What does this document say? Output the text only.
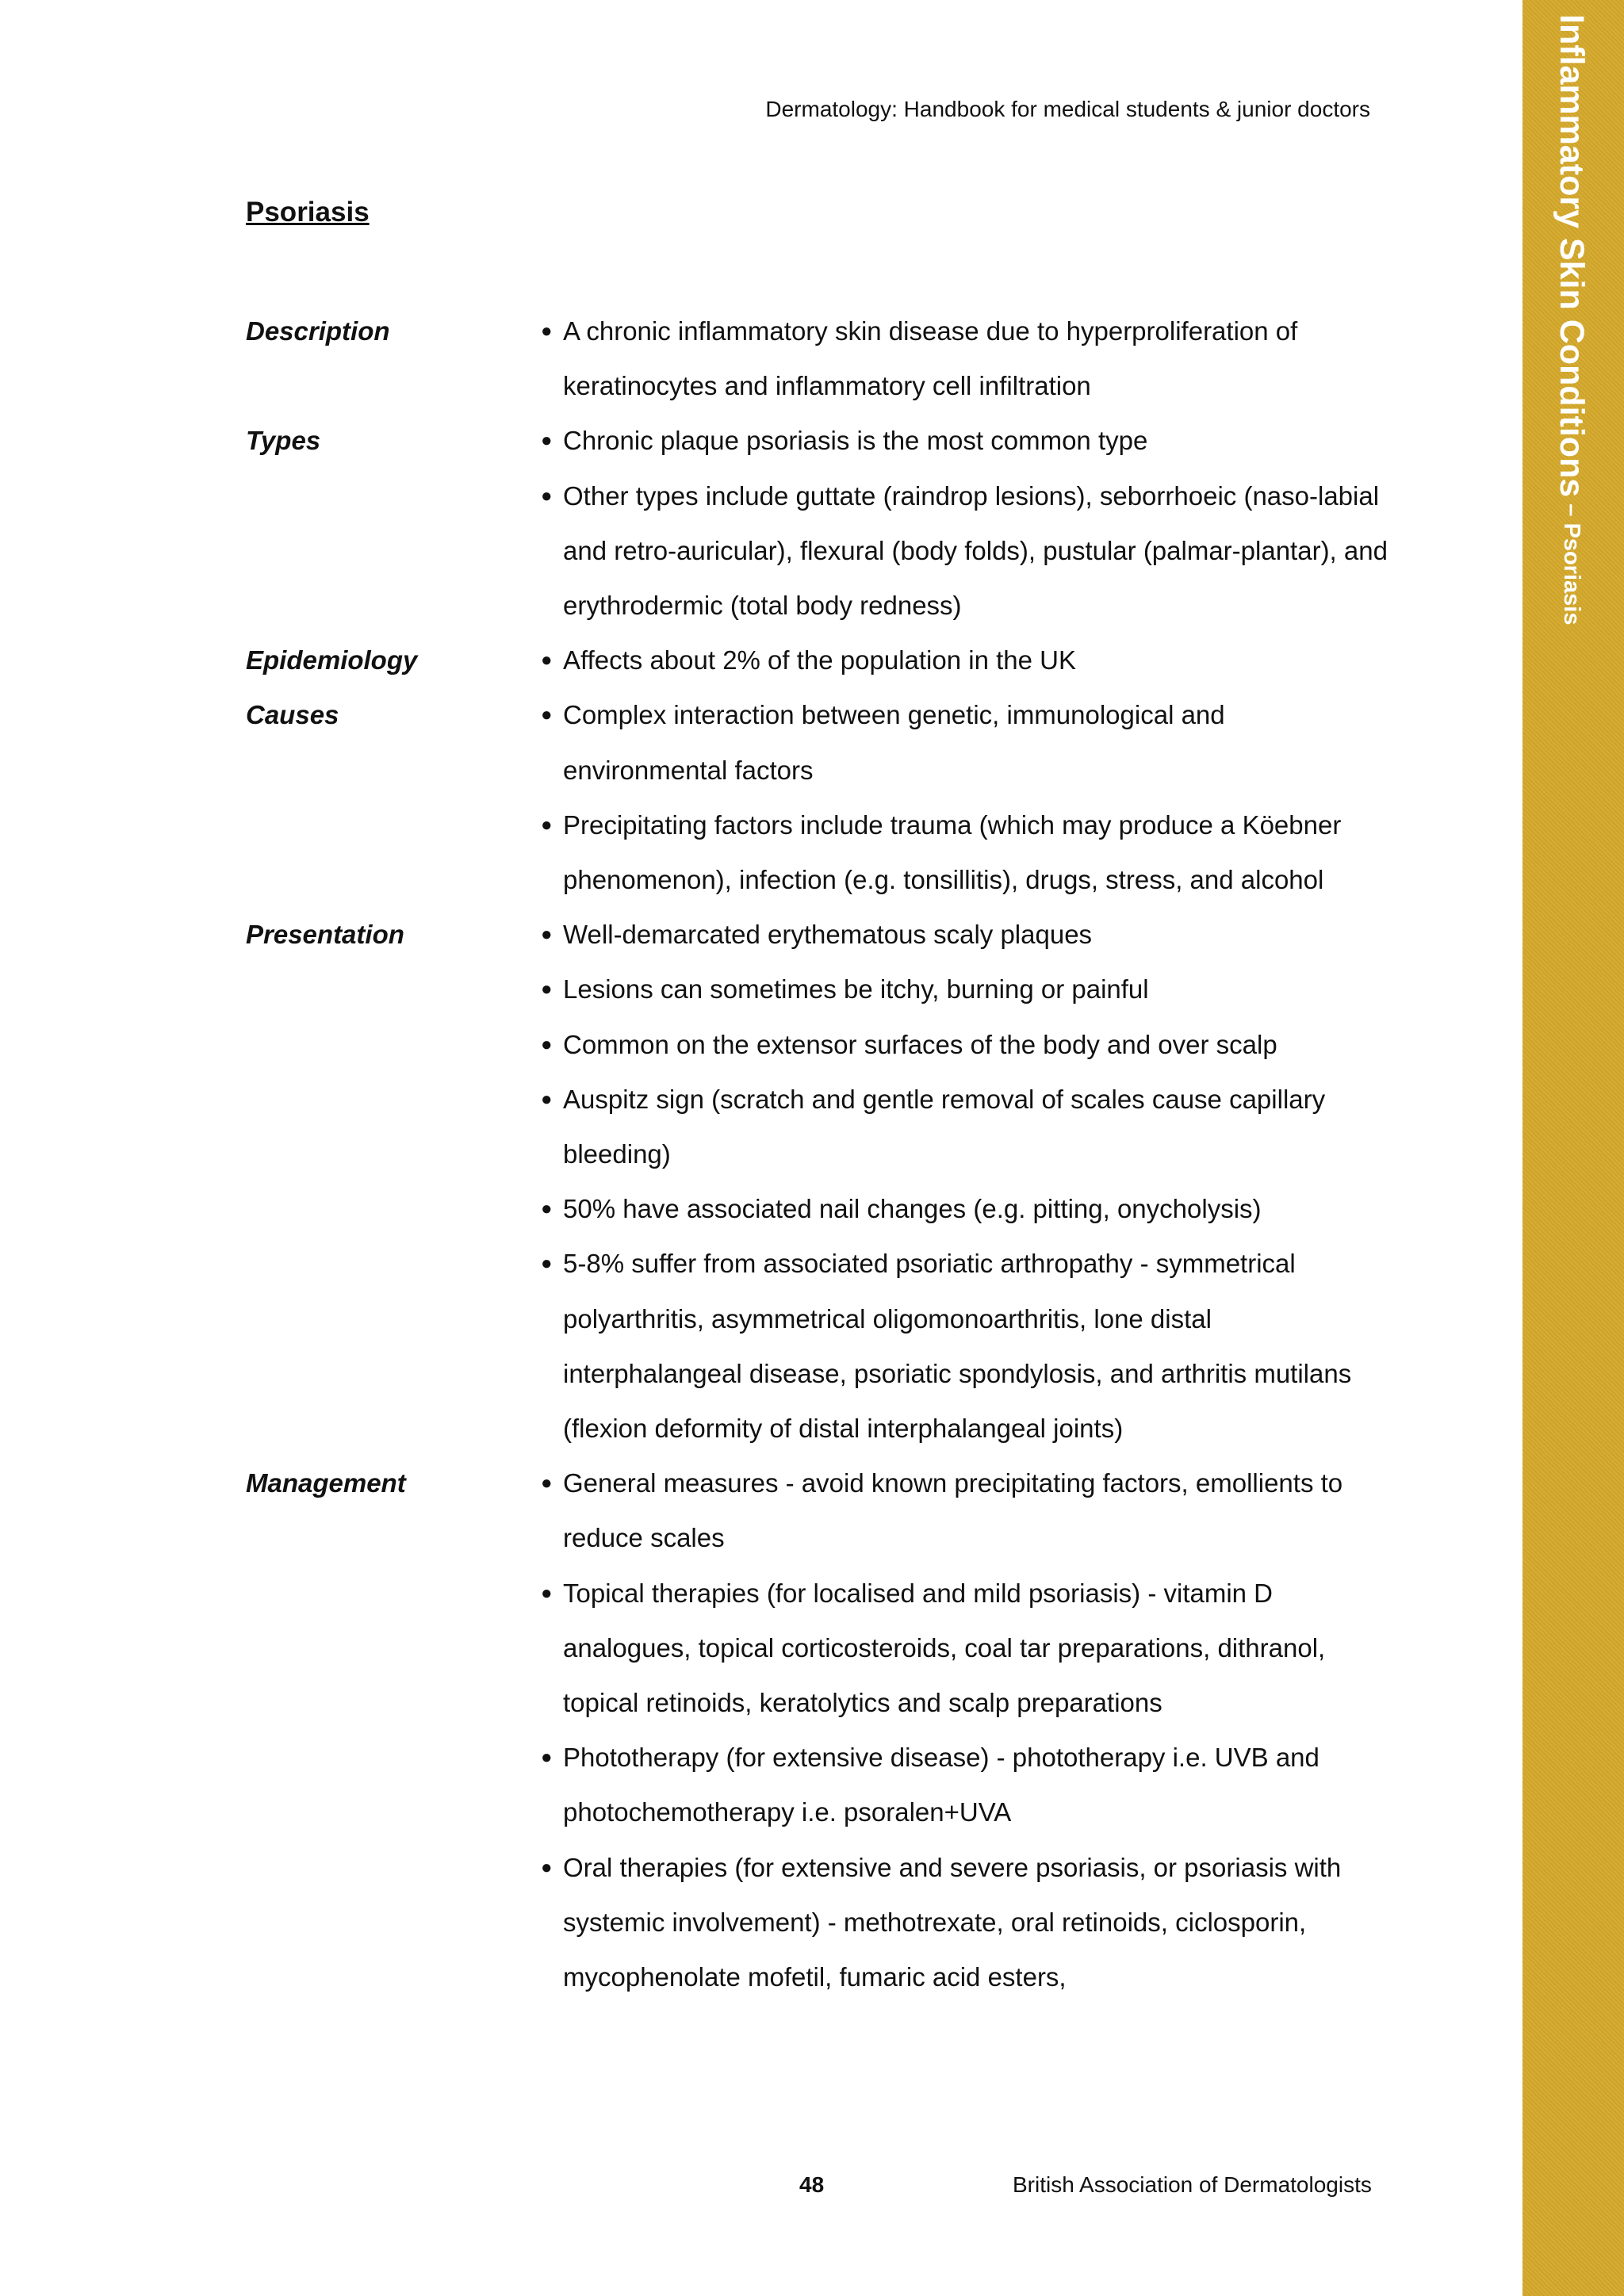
Dermatology: Handbook for medical students & junior doctors	Inflammatory Skin Conditions – Psoriasis
Psoriasis
Description	● A chronic inflammatory skin disease due to hyperproliferation of keratinocytes and inflammatory cell infiltration
Types	● Chronic plaque psoriasis is the most common type
● Other types include guttate (raindrop lesions), seborrhoeic (naso-labial and retro-auricular), flexural (body folds), pustular (palmar-plantar), and erythrodermic (total body redness)
Epidemiology	● Affects about 2% of the population in the UK
Causes	● Complex interaction between genetic, immunological and environmental factors
● Precipitating factors include trauma (which may produce a Köebner phenomenon), infection (e.g. tonsillitis), drugs, stress, and alcohol
Presentation	● Well-demarcated erythematous scaly plaques
● Lesions can sometimes be itchy, burning or painful
● Common on the extensor surfaces of the body and over scalp
● Auspitz sign (scratch and gentle removal of scales cause capillary bleeding)
● 50% have associated nail changes (e.g. pitting, onycholysis)
● 5-8% suffer from associated psoriatic arthropathy - symmetrical polyarthritis, asymmetrical oligomonoarthritis, lone distal interphalangeal disease, psoriatic spondylosis, and arthritis mutilans (flexion deformity of distal interphalangeal joints)
Management	● General measures - avoid known precipitating factors, emollients to reduce scales
● Topical therapies (for localised and mild psoriasis) - vitamin D analogues, topical corticosteroids, coal tar preparations, dithranol, topical retinoids, keratolytics and scalp preparations
● Phototherapy (for extensive disease) - phototherapy i.e. UVB and photochemotherapy i.e. psoralen+UVA
● Oral therapies (for extensive and severe psoriasis, or psoriasis with systemic involvement) - methotrexate, oral retinoids, ciclosporin, mycophenolate mofetil, fumaric acid esters,
48	British Association of Dermatologists
